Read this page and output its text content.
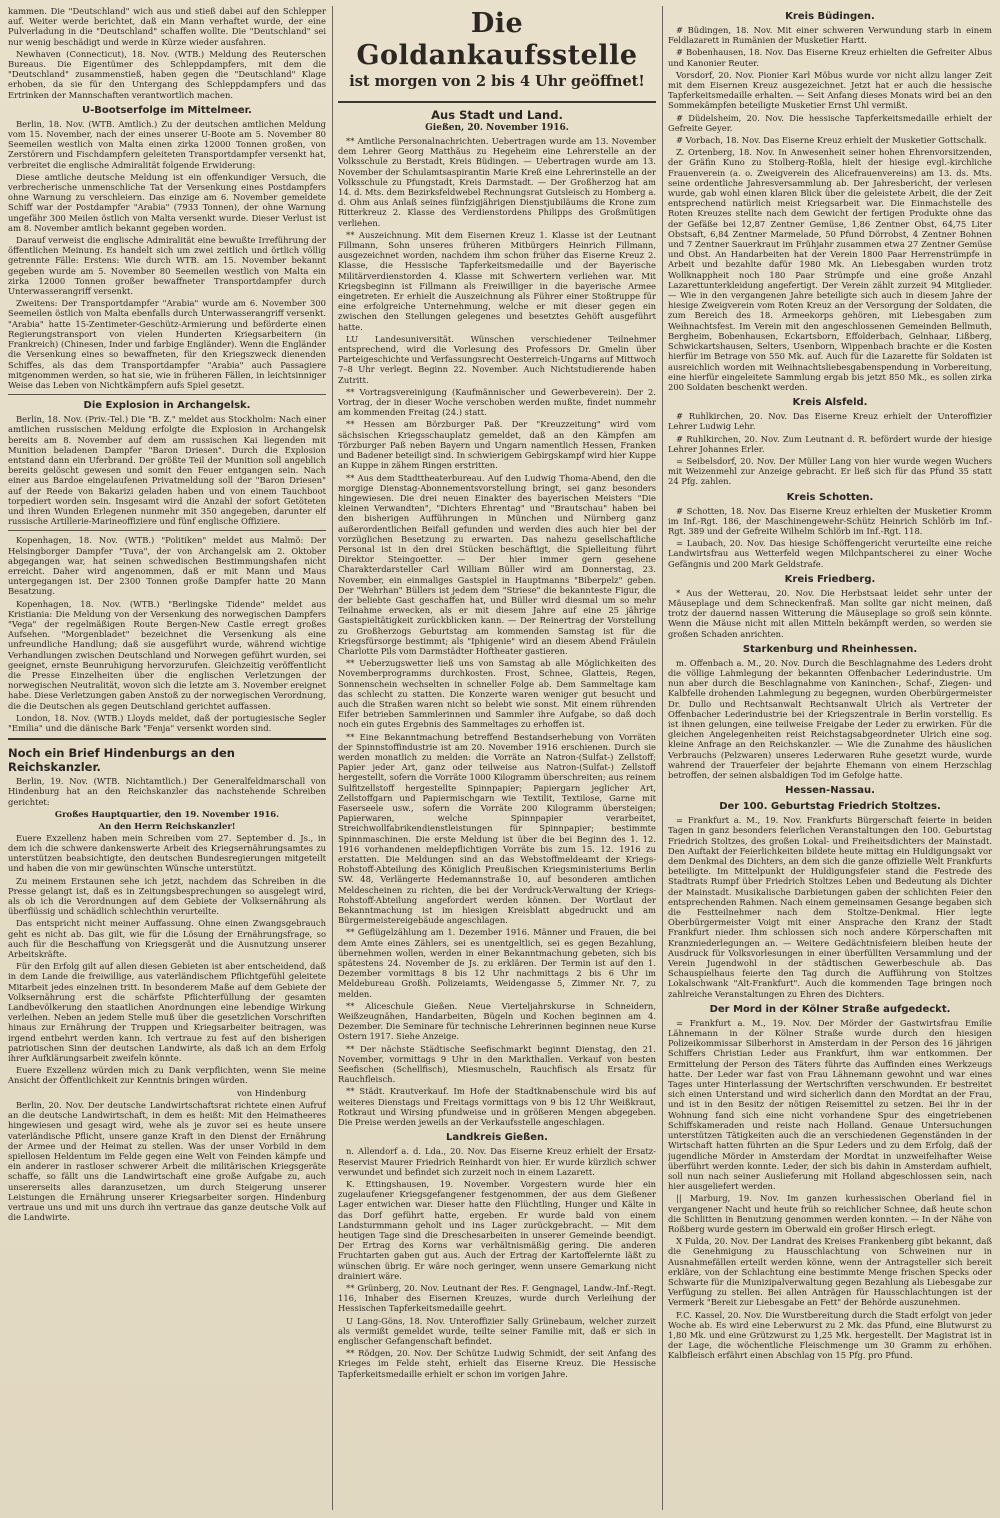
kammen. Die "Deutschland" wich aus und stieß dabei auf den Schlepper auf. Weiter werde berichtet, daß ein Mann verhaftet wurde, der eine Pulverladung in die "Deutschland" schaffen wollte. Die "Deutschland" sei nur wenig beschädigt und werde in Kürze wieder ausfahren.

Newhaven (Connecticut), 18. Nov. (WTB.) Meldung des Reuterschen Bureaus. Die Eigentümer des Schleppdampfers, mit dem die "Deutschland" zusammenstieß, haben gegen die "Deutschland" Klage erhoben, da sie für den Untergang des Schleppdampfers und das Ertrinken der Mannschaften verantwortlich machen.

U-Bootserfolge im Mittelmeer.

Berlin, 18. Nov. (WTB. Amtlich.) Zu der deutschen amtlichen Meldung vom 15. November, nach der eines unserer U-Boote am 5. November 80 Seemeilen westlich von Malta einen zirka 12000 Tonnen großen, von Zerstörern und Fischdampfern geleiteten Transportdampfer versenkt hat, verbreitet die englische Admiralität folgende Erwiderung:

Diese amtliche deutsche Meldung ist ein offenkundiger Versuch, die verbrecherische unmenschliche Tat der Versenkung eines Postdampfers ohne Warnung zu verschleiern. Das einzige am 6. November gemeldete Schiff war der Postdampfer "Arabia" (7933 Tonnen), der ohne Warnung ungefähr 300 Meilen östlich von Malta versenkt wurde. Dieser Verlust ist am 8. November amtlich bekannt gegeben worden.

Darauf verweist die englische Admiralität eine bewußte Irreführung der öffentlichen Meinung. Es handelt sich um zwei zeitlich und örtlich völlig getrennte Fälle: Erstens: Wie durch WTB. am 15. November bekannt gegeben wurde am 5. November 80 Seemeilen westlich von Malta ein zirka 12000 Tonnen großer bewaffneter Transportdampfer durch Unterwasserangriff versenkt.

Zweitens: Der Transportdampfer "Arabia" wurde am 6. November 300 Seemeilen östlich von Malta ebenfalls durch Unterwasserangriff versenkt. "Arabia" hatte 15-Zentimeter-Geschütz-Armierung und beförderte einen Regierungstransport von vielen Hunderten Kriegsarbeitern (in Frankreich) (Chinesen, Inder und farbige Engländer). Wenn die Engländer die Versenkung eines so bewaffneten, für den Kriegszweck dienenden Schiffes, als das dem Transportdampfer "Arabia" auch Passagiere mitgenommen werden, so hat sie, wie in früheren Fällen, in leichtsinniger Weise das Leben von Nichtkämpfern aufs Spiel gesetzt.

Die Explosion in Archangelsk.

Berlin, 18. Nov. (Priv.-Tel.) Die "B. Z." meldet aus Stockholm: Nach einer amtlichen russischen Meldung erfolgte die Explosion in Archangelsk bereits am 8. November auf dem am russischen Kai liegenden mit Munition beladenen Dampfer "Baron Driesen". Durch die Explosion entstand dann ein Uferbrand. Der größte Teil der Munition soll angeblich bereits gelöscht gewesen und somit den Feuer entgangen sein. Nach einer aus Bardoe eingelaufenen Privatmeldung soll der "Baron Driesen" auf der Reede von Bakarizi geladen haben und von einem Tauchboot torpediert worden sein. Insgesamt wird die Anzahl der sofort Getöteten und ihren Wunden Erlegenen nunmehr mit 350 angegeben, darunter elf russische Artillerie-Marineoffiziere und fünf englische Offiziere.

Kopenhagen, 18. Nov. (WTB.) "Politiken" meldet aus Malmö: Der Helsingborger Dampfer "Tuva", der von Archangelsk am 2. Oktober abgegangen war, hat seinen schwedischen Bestimmungshafen nicht erreicht. Daher wird angenommen, daß er mit Mann und Maus untergegangen ist. Der 2300 Tonnen große Dampfer hatte 20 Mann Besatzung.

Kopenhagen, 18. Nov. (WTB.) "Berlingske Tidende" meldet aus Kristiania: Die Meldung von der Versenkung des norwegischen Dampfers "Vega" der regelmäßigen Route Bergen-New Castle erregt großes Aufsehen. "Morgenbladet" bezeichnet die Versenkung als eine unfreundliche Handlung; daß sie ausgeführt wurde, während wichtige Verhandlungen zwischen Deutschland und Norwegen geführt wurden, sei geeignet, ernste Beunruhigung hervorzurufen. Gleichzeitig veröffentlicht die Presse Einzelheiten über die englischen Verletzungen der norwegischen Neutralität, wovon sich die letzte am 3. November ereignet habe. Diese Verletzungen gaben Anstoß zu der norwegischen Verordnung, die die Deutschen als gegen Deutschland gerichtet auffassen.

London, 18. Nov. (WTB.) Lloyds meldet, daß der portugiesische Segler "Emilia" und die dänische Bark "Fenja" versenkt worden sind.

Noch ein Brief Hindenburgs an den Reichskanzler.

Berlin, 19. Nov. (WTB. Nichtamtlich.) Der Generalfeldmarschall von Hindenburg hat an den Reichskanzler das nachstehende Schreiben gerichtet:

Großes Hauptquartier, den 19. November 1916.
An den Herrn Reichskanzler!

Euere Exzellenz haben mein Schreiben vom 27. September d. Js., in dem ich die schwere dankenswerte Arbeit des Kriegsernährungsamtes zu unterstützen beabsichtigte, den deutschen Bundesregierungen mitgeteilt und haben die von mir gewünschten Wünsche unterstützt.

Zu meinem Erstaunen sehe ich jetzt, nachdem das Schreiben in die Presse gelangt ist, daß es in Zeitungsbesprechungen so ausgelegt wird, als ob ich die Verordnungen auf dem Gebiete der Volksernährung als überflüssig und schädlich schlechthin verurteilte.

Das entspricht nicht meiner Auffassung. Ohne einen Zwangsgebrauch geht es nicht ab. Das gilt, wie für die Lösung der Ernährungsfrage, so auch für die Beschaffung von Kriegsgerät und die Ausnutzung unserer Arbeitskräfte.

Für den Erfolg gilt auf allen diesen Gebieten ist aber entscheidend, daß in dem Lande die freiwillige, aus vaterländischem Pflichtgefühl geleitete Mitarbeit jedes einzelnen tritt. In besonderem Maße auf dem Gebiete der Volksernährung erst die schärfste Pflichterfüllung der gesamten Landbevölkerung den staatlichen Anordnungen eine lebendige Wirkung verleihen. Neben an jedem Stelle muß über die gesetzlichen Vorschriften hinaus zur Ernährung der Truppen und Kriegsarbeiter beitragen, was irgend entbehrt werden kann. Ich vertraue zu fest auf den bisherigen patriotischen Sinn der deutschen Landwirte, als daß ich an dem Erfolg ihrer Aufklärungsarbeit zweifeln könnte.

Euere Exzellenz würden mich zu Dank verpflichten, wenn Sie meine Ansicht der Öffentlichkeit zur Kenntnis bringen würden.

von Hindenburg

Berlin, 20. Nov. Der deutsche Landwirtschaftsrat richtete einen Aufruf an die deutsche Landwirtschaft, in dem es heißt: Mit den Heimatheeres hingewiesen und gesagt wird, wehe als je zuvor sei es heute unsere vaterländische Pflicht, unsere ganze Kraft in den Dienst der Ernährung der Armee und der Heimat zu stellen. Was der unser Vorbild in dem spiellosen Heldentum im Felde gegen eine Welt von Feinden kämpfe und ein anderer in rastloser schwerer Arbeit die militärischen Kriegsgeräte schaffe, so fällt uns die Landwirtschaft eine große Aufgabe zu, auch unsererseits alles daranzusetzen, um durch Steigerung unserer Leistungen die Ernährung unserer Kriegsarbeiter sorgen. Hindenburg vertraue uns und mit uns durch ihn vertraue das ganze deutsche Volk auf die Landwirte.

Die Goldankaufsstelle
ist morgen von 2 bis 4 Uhr geöffnet!
Aus Stadt und Land.
Gießen, 20. November 1916.

** Amtliche Personalnachrichten. Uebertragen wurde am 13. November dem Lehrer Georg Matthäus zu Hegeheim eine Lehrerstelle an der Volksschule zu Berstadt, Kreis Büdingen. — Uebertragen wurde am 13. November der Schulamtsaspirantin Marie Kreß eine Lehrerinstelle an der Volksschule zu Pfungstadt, Kreis Darmstadt. — Der Großherzog hat am 14. d. Mts. dem Bezirksfeldwebel Rechnungsrat Gutsleisch zu Homberg a. d. Ohm aus Anlaß seines fünfzigjährigen Dienstjubiläums die Krone zum Ritterkreuz 2. Klasse des Verdienstordens Philipps des Großmütigen verliehen.

** Auszeichnung. Mit dem Eisernen Kreuz 1. Klasse ist der Leutnant Fillmann, Sohn unseres früheren Mitbürgers Heinrich Fillmann, ausgezeichnet worden, nachdem ihm schon früher das Eiserne Kreuz 2. Klasse, die Hessische Tapferkeitsmedaille und der Bayerische Militärverdienstorden 4. Klasse mit Schwertern verliehen war. Mit Kriegsbeginn ist Fillmann als Freiwilliger in die bayerische Armee eingetreten. Er erhielt die Auszeichnung als Führer einer Stoßtruppe für eine erfolgreiche Unternehmung, welche er mit dieser gegen ein zwischen den Stellungen gelegenes und besetztes Gehöft ausgeführt hatte.

LU Landesuniversität. Wünschen verschiedener Teilnehmer entsprechend, wird die Vorlesung des Professors Dr. Gmelin über Parteigeschichte und Verfassungsrecht Oesterreich-Ungarns auf Mittwoch 7–8 Uhr verlegt. Beginn 22. November. Auch Nichtstudierende haben Zutritt.

** Vortragsvereinigung (Kaufmännischer und Gewerbeverein). Der 2. Vortrag, der in dieser Woche verschoben werden mußte, findet nummehr am kommenden Freitag (24.) statt.

** Hessen am Börzburger Paß. Der "Kreuzzeitung" wird vom sächsischen Kriegsschauplatz gemeldet, daß an den Kämpfen am Törzburger Paß neben Bayern und Ungarn namentlich Hessen, Franken und Badener beteiligt sind. In schwierigem Gebirgskampf wird hier Kuppe an Kuppe in zähem Ringen erstritten.

** Aus dem Stadttheaterbureau. Auf den Ludwig Thoma-Abend, den die morgige Dienstag-Abonnementsvorstellung bringt, sei ganz besonders hingewiesen. Die drei neuen Einakter des bayerischen Meisters "Die kleinen Verwandten", "Dichters Ehrentag" und "Brautschau" haben bei den bisherigen Aufführungen in München und Nürnberg ganz außerordentlichen Beifall gefunden und werden dies auch hier bei der vorzüglichen Besetzung zu erwarten. Das nahezu gesellschaftliche Personal ist in den drei Stücken beschäftigt, die Spielleitung führt Direktor Steingoetter. — Der hier immer gern gesehene Charakterdarsteller Carl William Büller wird am Donnerstag, 23. November, ein einmaliges Gastspiel in Hauptmanns "Biberpelz" geben. Der "Wehrhan" Büllers ist jedem dem "Striese" die bekannteste Figur, die der beliebte Gast geschaffen hat, und Büller wird diesmal um so mehr Teilnahme erwecken, als er mit diesem Jahre auf eine 25 jährige Gastspieltätigkeit zurückblicken kann. — Der Reinertrag der Vorstellung zu Großherzogs Geburtstag am kommenden Samstag ist für die Kriegsfürsorge bestimmt; als "Iphigenie" wird an diesem Abend Fräulein Charlotte Pils vom Darmstädter Hoftheater gastieren.

** Ueberzugswetter ließ uns von Samstag ab alle Möglichkeiten des Novemberprogramms durchkosten. Frost, Schnee, Glatteis, Regen, Sonnenschein wechselten in schneller Folge ab. Dem Sammeltage kam das schlecht zu statten. Die Konzerte waren weniger gut besucht und auch die Straßen waren nicht so belebt wie sonst. Mit einem rührenden Eifer betrieben Sammlerinnen und Sammler ihre Aufgabe, so daß doch noch ein gutes Ergebnis des Sammeltages zu erhoffen ist.

** Eine Bekanntmachung betreffend Bestandserhebung von Vorräten der Spinnstoffindustrie ist am 20. November 1916 erschienen. Durch sie werden monatlich zu melden: die Vorräte an Natron-(Sulfat-) Zellstoff; Papier jeder Art, ganz oder teilweise aus Natron-(Sulfat-) Zellstoff hergestellt, sofern die Vorräte 1000 Kilogramm überschreiten; aus reinem Sulfitzellstoff hergestellte Spinnpapier; Papiergarn jeglicher Art, Zellstoffgarn und Papiermischgarn wie Textilit, Textilose, Garne mit Faserseele usw., sofern die Vorräte 200 Kilogramm übersteigen; Papierwaren, welche Spinnpapier verarbeitet, Streichwollfabrikendienstleistungen für Spinnpapier; bestimmte Spinnmaschinen. Die erste Meldung ist über die bei Beginn des 1. 12. 1916 vorhandenen meldepflichtigen Vorräte bis zum 15. 12. 1916 zu erstatten. Die Meldungen sind an das Webstoffmeldeamt der Kriegs-Rohstoff-Abteilung des Königlich Preußischen Kriegsministeriums Berlin SW. 48, Verlängerte Hedemannstraße 10, auf besonderen amtlichen Meldescheinen zu richten, die bei der Vordruck-Verwaltung der Kriegs-Rohstoff-Abteilung angefordert werden können. Der Wortlaut der Bekanntmachung ist im hiesigen Kreisblatt abgedruckt und am Bürgermeistereigebäude angeschlagen.

** Geflügelzählung am 1. Dezember 1916. Männer und Frauen, die bei dem Amte eines Zählers, sei es unentgeltlich, sei es gegen Bezahlung, übernehmen wollen, werden in einer Bekanntmachung gebeten, sich bis spätestens 24. November de Js. zu erklären. Der Termin ist auf den 1. Dezember vormittags 8 bis 12 Uhr nachmittags 2 bis 6 Uhr im Meldebureau Großh. Polizeiamts, Weidengasse 5, Zimmer Nr. 7, zu melden.

** Aliceschule Gießen. Neue Vierteljahrskurse in Schneidern, Weißzeugnähen, Handarbeiten, Bügeln und Kochen beginnen am 4. Dezember. Die Seminare für technische Lehrerinnen beginnen neue Kurse Ostern 1917. Siehe Anzeige.

** Der nächste Städtische Seefischmarkt beginnt Dienstag, den 21. November, vormittags 9 Uhr in den Markthallen. Verkauf von besten Seefischen (Schellfisch), Miesmuscheln, Rauchfisch als Ersatz für Rauchfleisch.

** Städt. Krautverkauf. Im Hofe der Stadtknabenschule wird bis auf weiteres Dienstags und Freitags vormittags von 9 bis 12 Uhr Weißkraut, Rotkraut und Wirsing pfundweise und in größeren Mengen abgegeben. Die Preise werden jeweils an der Verkaufsstelle angeschlagen.

Landkreis Gießen.

n. Allendorf a. d. Lda., 20. Nov. Das Eiserne Kreuz erhielt der Ersatz-Reservist Maurer Friedrich Reinhardt von hier. Er wurde kürzlich schwer verwundet und befindet sich zurzeit noch in einem Lazarett.

K. Ettingshausen, 19. November. Vorgestern wurde hier ein zugelaufener Kriegsgefangener festgenommen, der aus dem Gießener Lager entwichen war. Dieser hatte den Flüchtling, Hunger und Kälte in das Dorf geführt hatte, ergeben. Er wurde bald von einem Landsturmmann geholt und ins Lager zurückgebracht. — Mit dem heutigen Tage sind die Dreschesarbeiten in unserer Gemeinde beendigt. Der Ertrag des Korns war verhältnismäßig gering. Die anderen Fruchtarten gaben gut aus. Auch der Ertrag der Kartoffelernte läßt zu wünschen übrig. Er wäre noch geringer, wenn unsere Gemarkung nicht drainiert wäre.

** Grünberg, 20. Nov. Leutnant der Res. F. Gengnagel, Landw.-Inf.-Regt. 116, Inhaber des Eisernen Kreuzes, wurde durch Verleihung der Hessischen Tapferkeitsmedaille geehrt.

U Lang-Göns, 18. Nov. Unteroffizier Sally Grünebaum, welcher zurzeit als vermißt gemeldet wurde, teilte seiner Familie mit, daß er sich in englischer Gefangenschaft befindet.

** Rödgen, 20. Nov. Der Schütze Ludwig Schmidt, der seit Anfang des Krieges im Felde steht, erhielt das Eiserne Kreuz. Die Hessische Tapferkeitsmedaille erhielt er schon im vorigen Jahre.

Kreis Büdingen.

# Büdingen, 18. Nov. Mit einer schweren Verwundung starb in einem Feldlazarett in Rumänien der Musketier Hartt.

# Bobenhausen, 18. Nov. Das Eiserne Kreuz erhielten die Gefreiter Albus und Kanonier Reuter.

Vorsdorf, 20. Nov. Pionier Karl Möbus wurde vor nicht allzu langer Zeit mit dem Eisernen Kreuz ausgezeichnet. Jetzt hat er auch die hessische Tapferkeitsmedaille erhalten. — Seit Anfang dieses Monats wird bei an den Sommekämpfen beteiligte Musketier Ernst Uhl vermißt.

# Düdelsheim, 20. Nov. Die hessische Tapferkeitsmedaille erhielt der Gefreite Geyer.

# Vorbach, 18. Nov. Das Eiserne Kreuz erhielt der Musketier Gottschalk.

Z. Ortenberg, 18. Nov. In Anwesenheit seiner hohen Ehrenvorsitzenden, der Gräfin Kuno zu Stolberg-Roßla, hielt der hiesige evgl.-kirchliche Frauenverein (a. o. Zweigverein des Alicefrauenvereins) am 13. ds. Mts. seine ordentliche Jahresversammlung ab. Der Jahresbericht, der verlesen wurde, gab wohl einen klaren Blick über die geleistete Arbeit, die der Zeit entsprechend natürlich meist Kriegsarbeit war. Die Einmachstelle des Roten Kreuzes stellte nach dem Gewicht der fertigen Produkte ohne das der Gefäße bei 12,87 Zentner Gemüse, 1,86 Zentner Obst, 64,75 Liter Obstsaft, 6,84 Zentner Marmelade, 50 Pfund Dörrobst, 4 Zentner Bohnen und 7 Zentner Sauerkraut im Frühjahr zusammen etwa 27 Zentner Gemüse und Obst. An Handarbeiten hat der Verein 1800 Paar Herrenstrümpfe in Arbeit und bezahlte dafür 1980 Mk. An Liebesgaben wurden trotz Wollknappheit noch 180 Paar Strümpfe und eine große Anzahl Lazarettunterkleidung angefertigt. Der Verein zählt zurzeit 94 Mitglieder. — Wie in den vergangenen Jahre beteiligte sich auch in diesem Jahre der hiesige Zweigverein vom Roten Kreuz an der Versorgung der Soldaten, die zum Bereich des 18. Armeekorps gehören, mit Liebesgaben zum Weihnachtsfest. Im Verein mit den angeschlossenen Gemeinden Bellmuth, Bergheim, Bobenhausen, Eckartsborn, Effolderbach, Gelnhaar, Lißberg, Schwickartshausen, Selters, Usenborn, Wippenbach brachte er die Kosten hierfür im Betrage von 550 Mk. auf. Auch für die Lazarette für Soldaten ist ausreichlich worden mit Weihnachtsliebesgabenspendung in Vorbereitung, eine hierfür eingeleitete Sammlung ergab bis jetzt 850 Mk., es sollen zirka 200 Soldaten beschenkt werden.

Kreis Alsfeld.

# Ruhlkirchen, 20. Nov. Das Eiserne Kreuz erhielt der Unteroffizier Lehrer Ludwig Lehr.

# Ruhlkirchen, 20. Nov. Zum Leutnant d. R. befördert wurde der hiesige Lehrer Johannes Erler.

= Seibelsdorf, 20. Nov. Der Müller Lang von hier wurde wegen Wuchers mit Weizenmehl zur Anzeige gebracht. Er ließ sich für das Pfund 35 statt 24 Pfg. zahlen.

Kreis Schotten.

# Schotten, 18. Nov. Das Eiserne Kreuz erhielten der Musketier Kromm im Inf.-Rgt. 186, der Maschinengewehr-Schütz Heinrich Schlörb im Inf.-Rgt. 389 und der Gefreite Wilhelm Schlörb im Inf.-Rgt. 118.

= Laubach, 20. Nov. Das hiesige Schöffengericht verurteilte eine reiche Landwirtsfrau aus Wetterfeld wegen Milchpantscherei zu einer Woche Gefängnis und 200 Mark Geldstrafe.

Kreis Friedberg.

* Aus der Wetterau, 20. Nov. Die Herbstsaat leidet sehr unter der Mäuseplage und dem Schneckenfraß. Man sollte gar nicht meinen, daß trotz der dauernd nassen Witterung die Mäuseplage so groß sein könnte. Wenn die Mäuse nicht mit allen Mitteln bekämpft werden, so werden sie großen Schaden anrichten.

Starkenburg und Rheinhessen.

m. Offenbach a. M., 20. Nov. Durch die Beschlagnahme des Leders droht die völlige Lahmlegung der bekannten Offenbacher Lederindustrie. Um nun aber durch die Beschlagnahme von Kaninchen-, Schaf-, Ziegen- und Kalbfelle drohenden Lahmlegung zu begegnen, wurden Oberbürgermeister Dr. Dullo und Rechtsanwalt Rechtsanwalt Ulrich als Vertreter der Offenbacher Lederindustrie bei der Kriegszentrale in Berlin vorstellig. Es ist ihnen gelungen, eine teilweise Freigabe der Leder zu erwirken. Für die gleichen Angelegenheiten reist Reichstagsabgeordneter Ulrich eine sog. kleine Anfrage an den Reichskanzler. — Wie die Zunahme des häuslichen Verbrauchs (Pelzwaren) unseres Lederwaren Ruhe gesetzt wurde, wurde wahrend der Trauerfeier der bejahrte Ehemann von einem Herzschlag betroffen, der seinen alsbaldigen Tod im Gefolge hatte.

Hessen-Nassau.
Der 100. Geburtstag Friedrich Stoltzes.

= Frankfurt a. M., 19. Nov. Frankfurts Bürgerschaft feierte in beiden Tagen in ganz besonders feierlichen Veranstaltungen den 100. Geburtstag Friedrich Stoltzes, des großen Lokal- und Freiheitsdichters der Mainstadt. Den Auftakt der Feierlichkeiten bildete heute mittag ein Huldigungsakt vor dem Denkmal des Dichters, an dem sich die ganze offizielle Welt Frankfurts beteiligte. Im Mittelpunkt der Huldigungsfeier stand die Festrede des Stadtrats Rumpf über Friedrich Stoltzes Leben und Bedeutung als Dichter der Mainstadt. Musikalische Darbietungen gaben der schlichten Feier den entsprechenden Rahmen. Nach einem gemeinsamen Gesange begaben sich die Festteilnehmer nach dem Stoltze-Denkmal. Hier legte Oberbürgermeister Voigt mit einer Ansprache den Kranz der Stadt Frankfurt nieder. Ihm schlossen sich noch andere Körperschaften mit Kranzniederlegungen an. — Weitere Gedächtnisfeiern bleiben heute der Ausdruck für Volksvorlesungen in einer überfüllten Versammlung und der Verein Jugendwohl in der städtischen Gewerbeschule ab. Das Schauspielhaus feierte den Tag durch die Aufführung von Stoltzes Lokalschwank "Alt-Frankfurt". Auch die kommenden Tage bringen noch zahlreiche Veranstaltungen zu Ehren des Dichters.

Der Mord in der Kölner Straße aufgedeckt.

= Frankfurt a. M., 19. Nov. Der Mörder der Gastwirtsfrau Emilie Lähnemann in der Kölner Straße wurde durch den hiesigen Polizeikommissar Silberhorst in Amsterdam in der Person des 16 jährigen Schiffers Christian Leder aus Frankfurt, ihm war entkommen. Der Ermittelung der Person des Täters führte das Auffinden eines Werkzeugs hatte. Der Leder war fast von Frau Lähnemann gewohnt und war eines Tages unter Hinterlassung der Wertschriften verschwunden. Er bestreitet sich einen Unterstand und wird sicherlich dann den Mordtat an der Frau, und ist in den Besitz der nötigen Reisemittel zu setzen. Bei ihr in der Wohnung fand sich eine nicht vorhandene Spur des eingetriebenen Schiffskameraden und reiste nach Holland. Genaue Untersuchungen unterstützen Tätigkeiten auch die an verschiedenen Gegenständen in der Wirtschaft hatten führten an die Spur Leders und zu dem Erfolg, daß der jugendliche Mörder in Amsterdam der Mordtat in unzweifelhafter Weise überführt werden konnte. Leder, der sich bis dahin in Amsterdam aufhielt, soll nun nach seiner Auslieferung mit Holland abgeschlossen sein, nach hier ausgeliefert werden.

|| Marburg, 19. Nov. Im ganzen kurhessischen Oberland fiel in vergangener Nacht und heute früh so reichlicher Schnee, daß heute schon die Schlitten in Benutzung genommen werden konnten. — In der Nähe von Roßberg wurde gestern im Oberwald ein großer Hirsch erlegt.

X Fulda, 20. Nov. Der Landrat des Kreises Frankenberg gibt bekannt, daß die Genehmigung zu Hausschlachtung von Schweinen nur in Ausnahmefällen erteilt werden könne, wenn der Antragsteller sich bereit erkläre, von der Schlachtung eine bestimmte Menge frischen Specks oder Schwarte für die Munizipalverwaltung gegen Bezahlung als Liebesgabe zur Verfügung zu stellen. Bei allen Anträgen für Hausschlachtungen ist der Vermerk "Bereit zur Liebesgabe an Fett" der Behörde auszunehmen.

F.C. Kassel, 20. Nov. Die Wurstbereitung durch die Stadt erfolgt von jeder Woche ab. Es wird eine Leberwurst zu 2 Mk. das Pfund, eine Blutwurst zu 1,80 Mk. und eine Grützwurst zu 1,25 Mk. hergestellt. Der Magistrat ist in der Lage, die wöchentliche Fleischmenge um 30 Gramm zu erhöhen. Kalbfleisch erfährt einen Abschlag von 15 Pfg. pro Pfund.
